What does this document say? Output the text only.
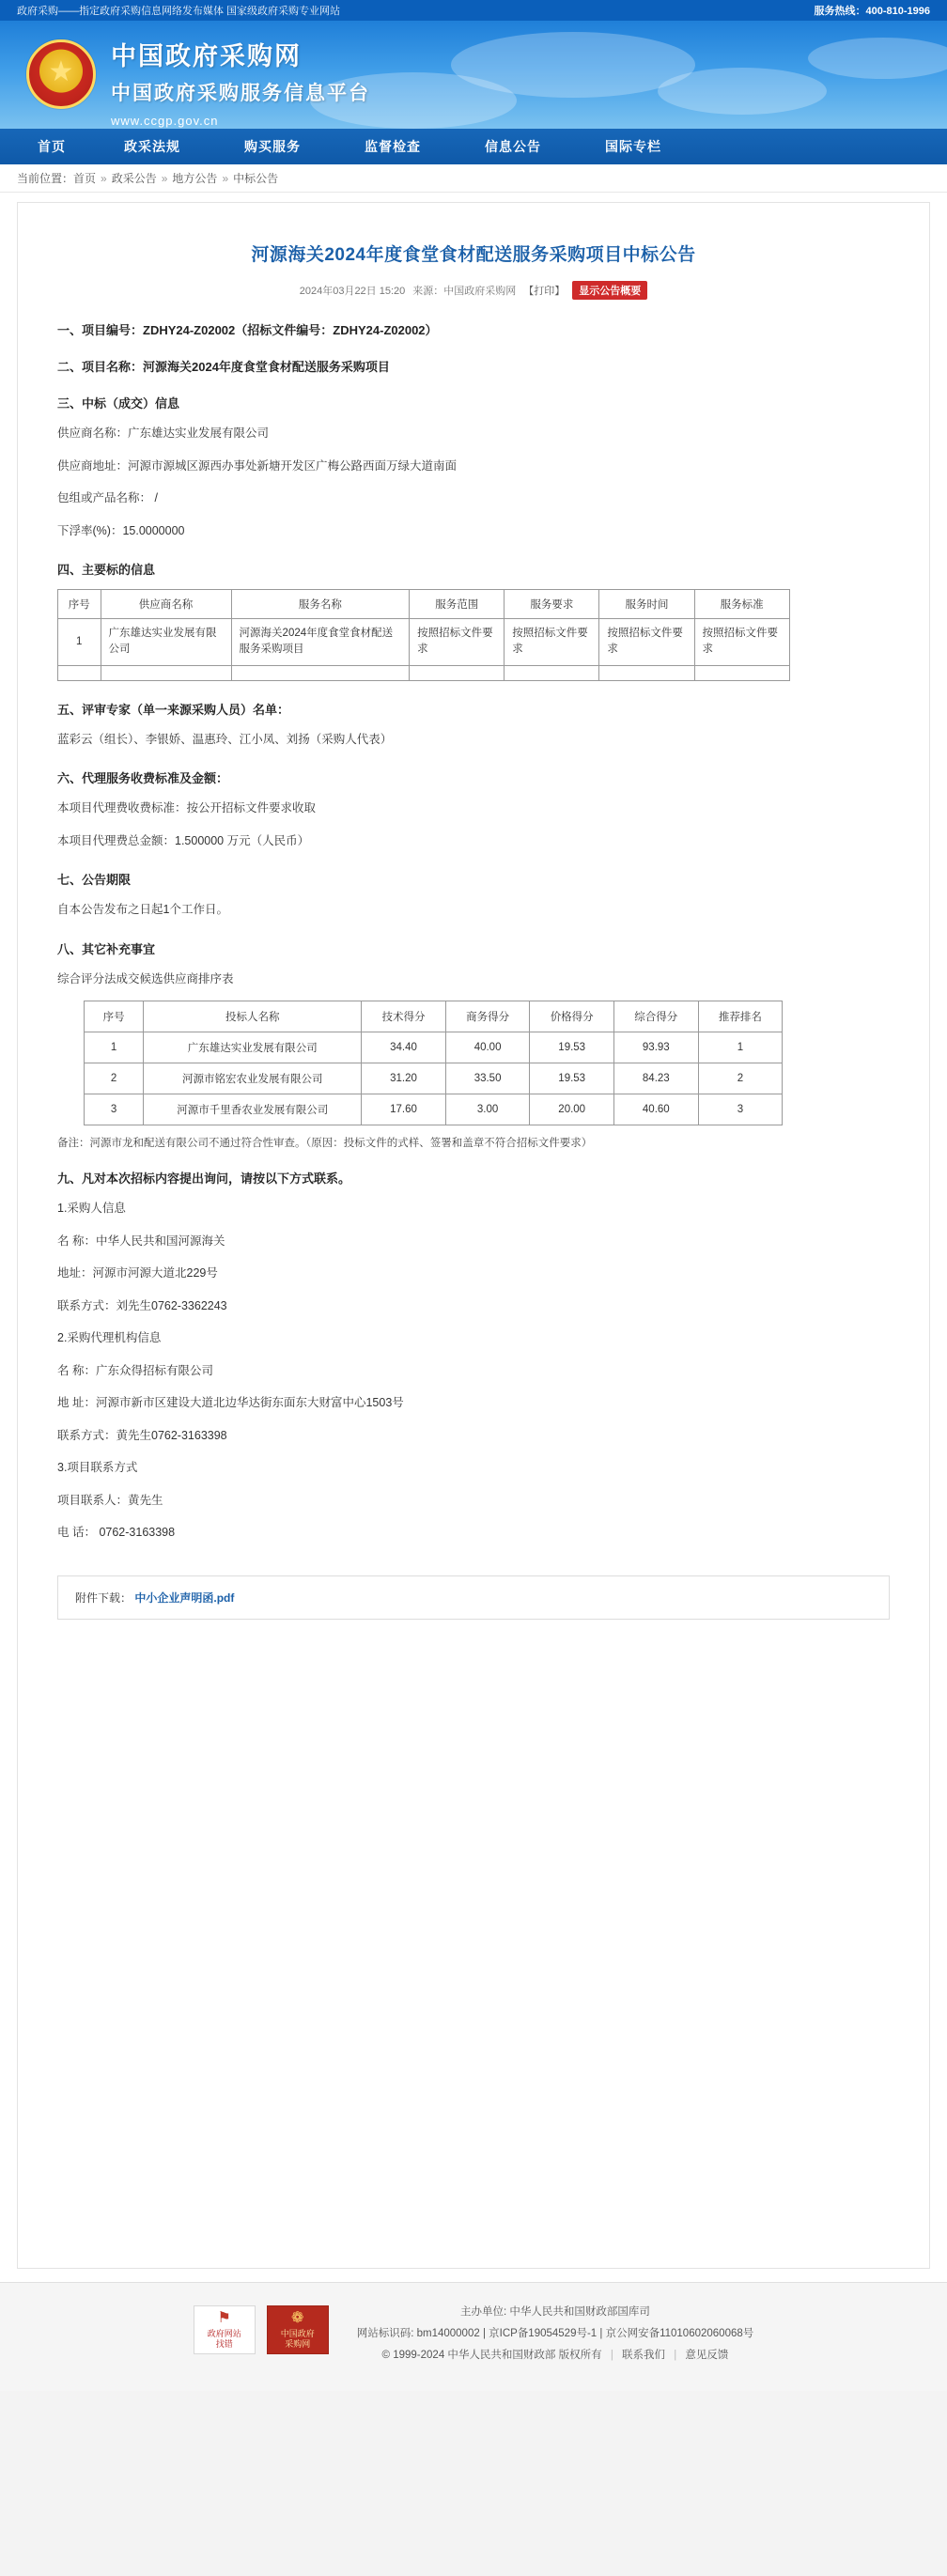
政府采购——指定政府采购信息网络发布媒体 国家级政府采购专业网站	服务热线：400-810-1996
★
中国政府采购网
中国政府采购服务信息平台
www.ccgp.gov.cn
首页	政采法规	购买服务	监督检查	信息公告	国际专栏
当前位置： 首页 » 政采公告 » 地方公告 » 中标公告
河源海关2024年度食堂食材配送服务采购项目中标公告
2024年03月22日 15:20 来源：中国政府采购网 【打印】	显示公告概要
一、项目编号：ZDHY24-Z02002（招标文件编号：ZDHY24-Z02002）
二、项目名称：河源海关2024年度食堂食材配送服务采购项目
三、中标（成交）信息
供应商名称：广东雄达实业发展有限公司
供应商地址：河源市源城区源西办事处新塘开发区广梅公路西面万绿大道南面
包组或产品名称： /
下浮率(%)：15.0000000
四、主要标的信息
序号	供应商名称	服务名称	服务范围	服务要求	服务时间	服务标准
1	广东雄达实业发展有限公司	河源海关2024年度食堂食材配送服务采购项目	按照招标文件要求	按照招标文件要求	按照招标文件要求	按照招标文件要求

五、评审专家（单一来源采购人员）名单：
蓝彩云（组长）、李银娇、温惠玲、江小凤、刘扬（采购人代表）
六、代理服务收费标准及金额：
本项目代理费收费标准：按公开招标文件要求收取
本项目代理费总金额：1.500000 万元（人民币）
七、公告期限
自本公告发布之日起1个工作日。
八、其它补充事宜
综合评分法成交候选供应商排序表
序号	投标人名称	技术得分	商务得分	价格得分	综合得分	推荐排名
1	广东雄达实业发展有限公司	34.40	40.00	19.53	93.93	1
2	河源市铭宏农业发展有限公司	31.20	33.50	19.53	84.23	2
3	河源市千里香农业发展有限公司	17.60	3.00	20.00	40.60	3
备注：河源市龙和配送有限公司不通过符合性审查。（原因：投标文件的式样、签署和盖章不符合招标文件要求）
九、凡对本次招标内容提出询问，请按以下方式联系。
1.采购人信息
名 称：中华人民共和国河源海关
地址：河源市河源大道北229号
联系方式：刘先生0762-3362243
2.采购代理机构信息
名 称：广东众得招标有限公司
地 址：河源市新市区建设大道北边华达街东面东大财富中心1503号
联系方式：黄先生0762-3163398
3.项目联系方式
项目联系人：黄先生
电 话： 0762-3163398
附件下载： 中小企业声明函.pdf
⚑
政府网站
找错
❁
中国政府
采购网
主办单位: 中华人民共和国财政部国库司
网站标识码: bm14000002 | 京ICP备19054529号-1 | 京公网安备11010602060068号
© 1999-2024 中华人民共和国财政部 版权所有 | 联系我们 | 意见反馈
